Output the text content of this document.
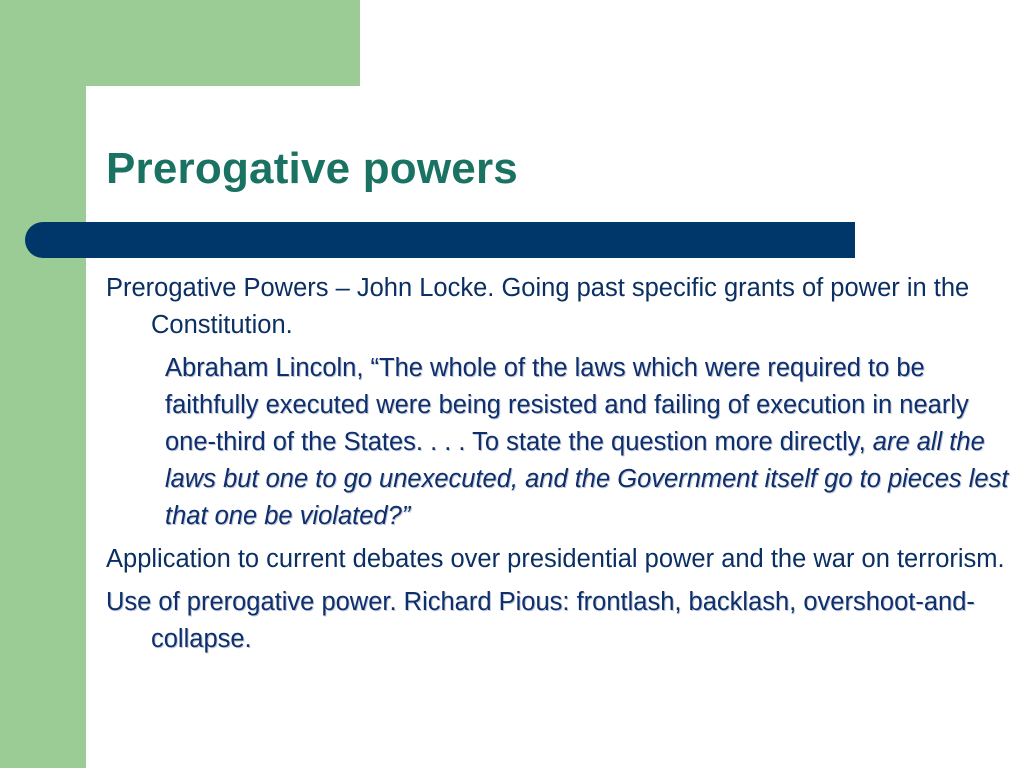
Prerogative powers

Prerogative Powers – John Locke. Going past specific grants of power in the Constitution.

Abraham Lincoln, “The whole of the laws which were required to be faithfully executed were being resisted and failing of execution in nearly one-third of the States. . . . To state the question more directly, are all the laws but one to go unexecuted, and the Government itself go to pieces lest that one be violated?”

Application to current debates over presidential power and the war on terrorism.

Use of prerogative power. Richard Pious: frontlash, backlash, overshoot-and-collapse.
